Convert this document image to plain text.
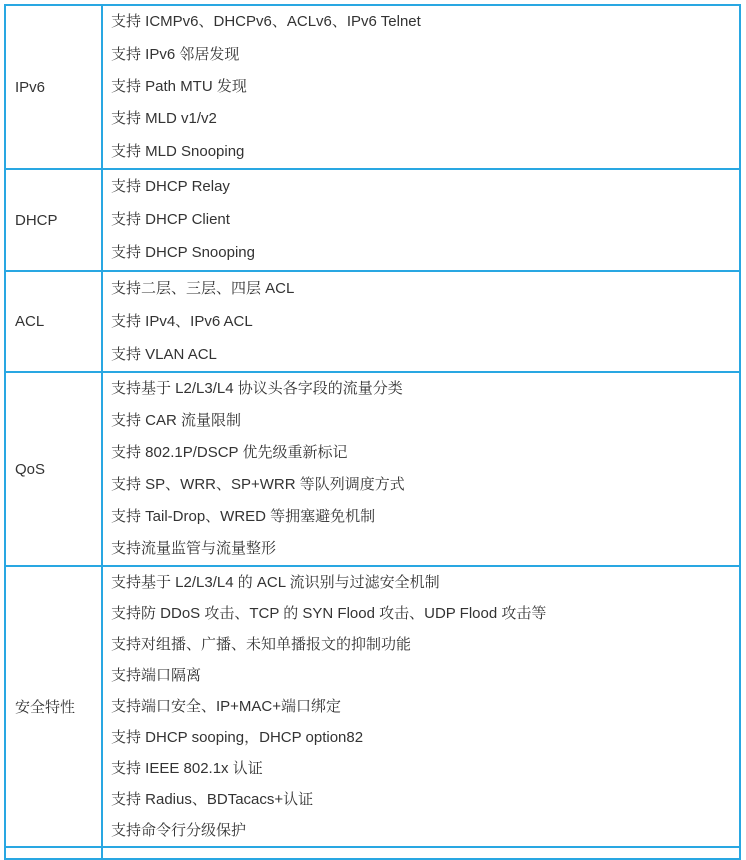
IPv6
支持 ICMPv6、DHCPv6、ACLv6、IPv6 Telnet
支持 IPv6 邻居发现
支持 Path MTU 发现
支持 MLD v1/v2
支持 MLD Snooping
DHCP
支持 DHCP Relay
支持 DHCP Client
支持 DHCP Snooping
ACL
支持二层、三层、四层 ACL
支持 IPv4、IPv6 ACL
支持 VLAN ACL
QoS
支持基于 L2/L3/L4 协议头各字段的流量分类
支持 CAR 流量限制
支持 802.1P/DSCP 优先级重新标记
支持 SP、WRR、SP+WRR 等队列调度方式
支持 Tail-Drop、WRED 等拥塞避免机制
支持流量监管与流量整形
安全特性
支持基于 L2/L3/L4 的 ACL 流识别与过滤安全机制
支持防 DDoS 攻击、TCP 的 SYN Flood 攻击、UDP Flood 攻击等
支持对组播、广播、未知单播报文的抑制功能
支持端口隔离
支持端口安全、IP+MAC+端口绑定
支持 DHCP sooping，DHCP option82
支持 IEEE 802.1x 认证
支持 Radius、BDTacacs+认证
支持命令行分级保护
